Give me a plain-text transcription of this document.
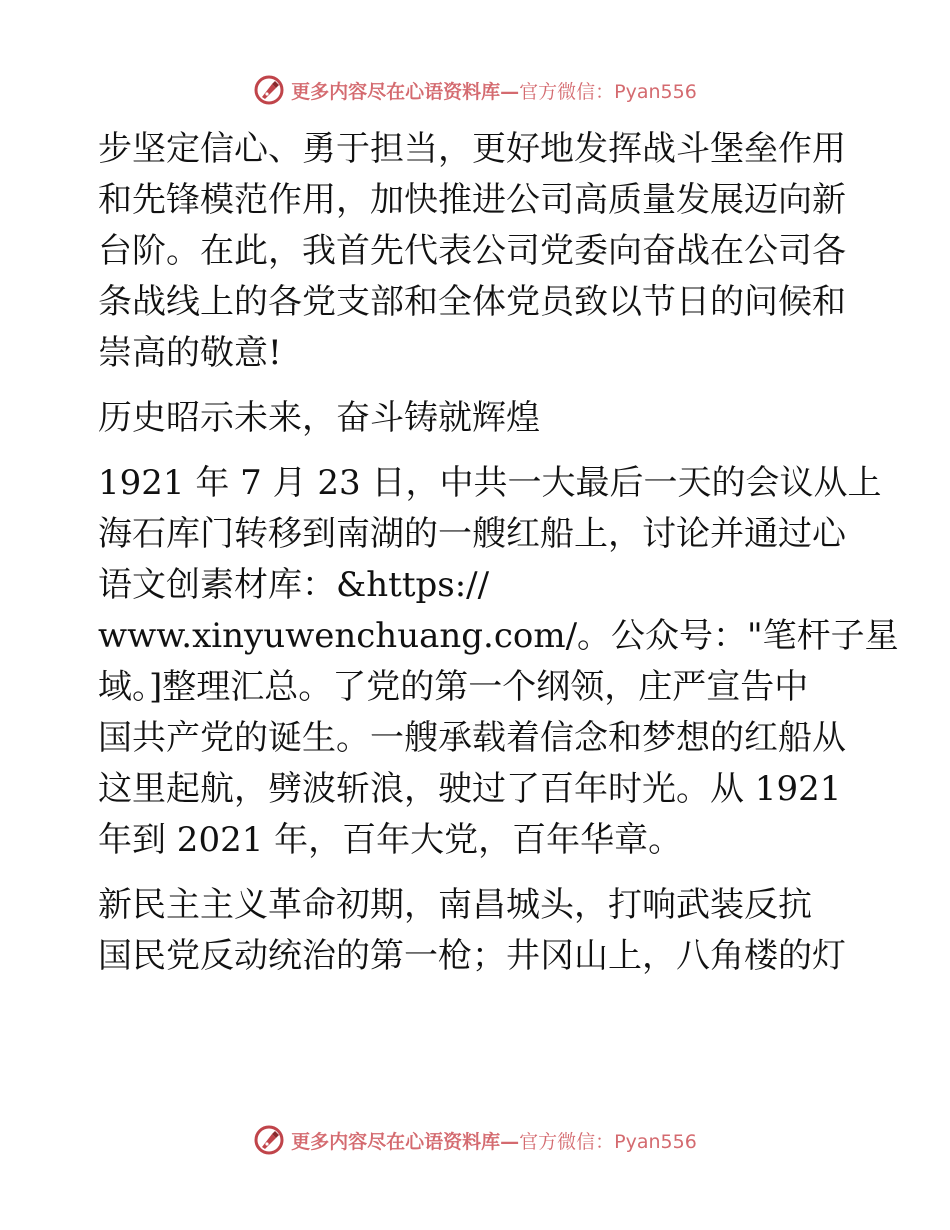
更多内容尽在心语资料库— 官方微信：Pyan556
步坚定信心、勇于担当，更好地发挥战斗堡垒作用
和先锋模范作用，加快推进公司高质量发展迈向新
台阶。在此，我首先代表公司党委向奋战在公司各
条战线上的各党支部和全体党员致以节日的问候和
崇高的敬意!
历史昭示未来，奋斗铸就辉煌
1921 年 7 月 23 日，中共一大最后一天的会议从上
海石库门转移到南湖的一艘红船上，讨论并通过心
语文创素材库：&https://
www.xinyuwenchuang.com/。公众号："笔杆子星
域。]整理汇总。了党的第一个纲领，庄严宣告中
国共产党的诞生。一艘承载着信念和梦想的红船从
这里起航，劈波斩浪，驶过了百年时光。从 1921
年到 2021 年，百年大党，百年华章。
新民主主义革命初期，南昌城头，打响武装反抗
国民党反动统治的第一枪；井冈山上，八角楼的灯
更多内容尽在心语资料库— 官方微信：Pyan556
